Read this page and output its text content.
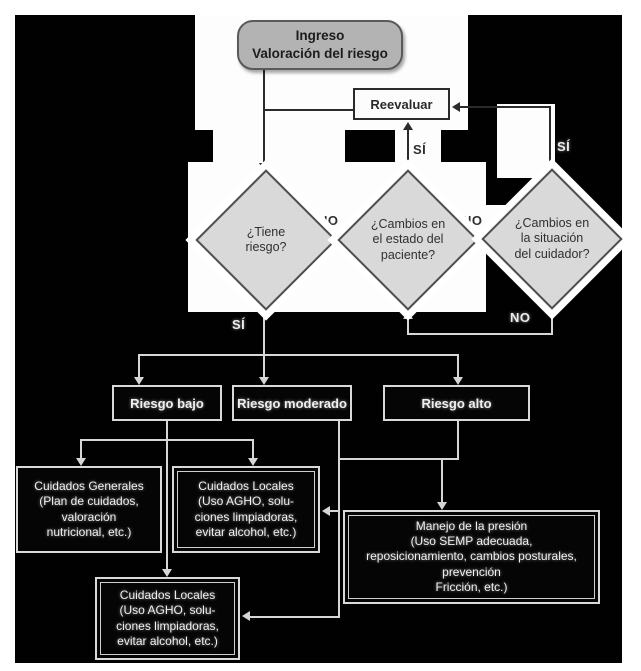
SÍ
SÍ	SÍ
NO	NO
NO
Ingreso
Valoración del riesgo
Reevaluar
¿Tiene
riesgo?
¿Cambios en
el estado del
paciente?
¿Cambios en
la situación
del cuidador?
Riesgo bajo	Riesgo moderado	Riesgo alto
Cuidados Generales
(Plan de cuidados,
valoración
nutricional, etc.)
Cuidados Locales
(Uso AGHO, solu-
ciones limpiadoras,
evitar alcohol, etc.)	Manejo de la presión
(Uso SEMP adecuada,
reposicionamiento, cambios posturales,
prevención
Fricción, etc.)
Cuidados Locales
(Uso AGHO, solu-
ciones limpiadoras,
evitar alcohol, etc.)
